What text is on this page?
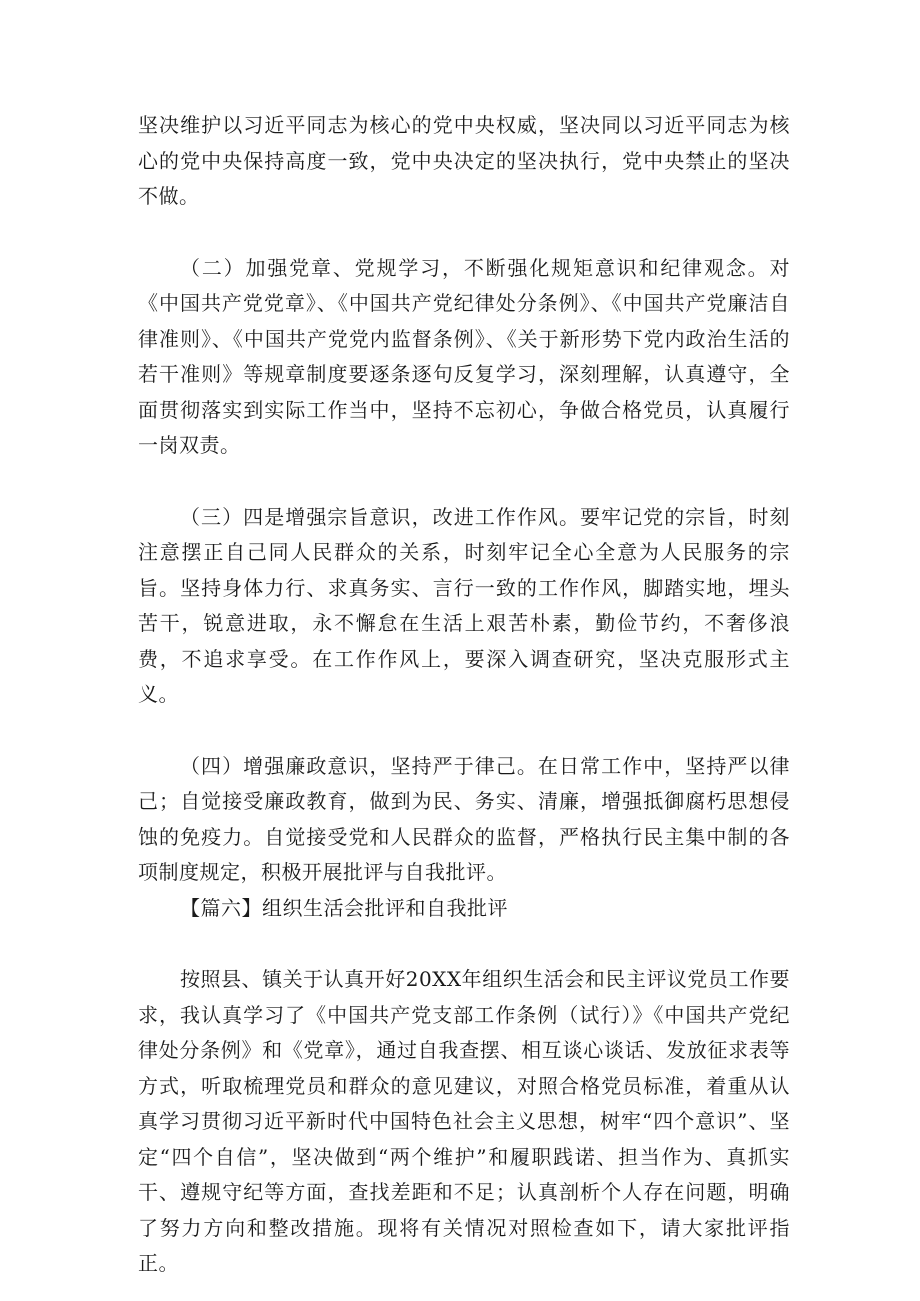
坚决维护以习近平同志为核心的党中央权威，坚决同以习近平同志为核心的党中央保持高度一致，党中央决定的坚决执行，党中央禁止的坚决不做。

（二）加强党章、党规学习，不断强化规矩意识和纪律观念。对《中国共产党党章》、《中国共产党纪律处分条例》、《中国共产党廉洁自律准则》、《中国共产党党内监督条例》、《关于新形势下党内政治生活的若干准则》等规章制度要逐条逐句反复学习，深刻理解，认真遵守，全面贯彻落实到实际工作当中，坚持不忘初心，争做合格党员，认真履行一岗双责。

（三）四是增强宗旨意识，改进工作作风。要牢记党的宗旨，时刻注意摆正自己同人民群众的关系，时刻牢记全心全意为人民服务的宗旨。坚持身体力行、求真务实、言行一致的工作作风，脚踏实地，埋头苦干，锐意进取，永不懈怠在生活上艰苦朴素，勤俭节约，不奢侈浪费，不追求享受。在工作作风上，要深入调查研究，坚决克服形式主义。

（四）增强廉政意识，坚持严于律己。在日常工作中，坚持严以律己；自觉接受廉政教育，做到为民、务实、清廉，增强抵御腐朽思想侵蚀的免疫力。自觉接受党和人民群众的监督，严格执行民主集中制的各项制度规定，积极开展批评与自我批评。

【篇六】组织生活会批评和自我批评

按照县、镇关于认真开好20XX年组织生活会和民主评议党员工作要求，我认真学习了《中国共产党支部工作条例（试行）》《中国共产党纪律处分条例》和《党章》，通过自我查摆、相互谈心谈话、发放征求表等方式，听取梳理党员和群众的意见建议，对照合格党员标准，着重从认真学习贯彻习近平新时代中国特色社会主义思想，树牢“四个意识”、坚定“四个自信”，坚决做到“两个维护”和履职践诺、担当作为、真抓实干、遵规守纪等方面，查找差距和不足；认真剖析个人存在问题，明确了努力方向和整改措施。现将有关情况对照检查如下，请大家批评指正。
